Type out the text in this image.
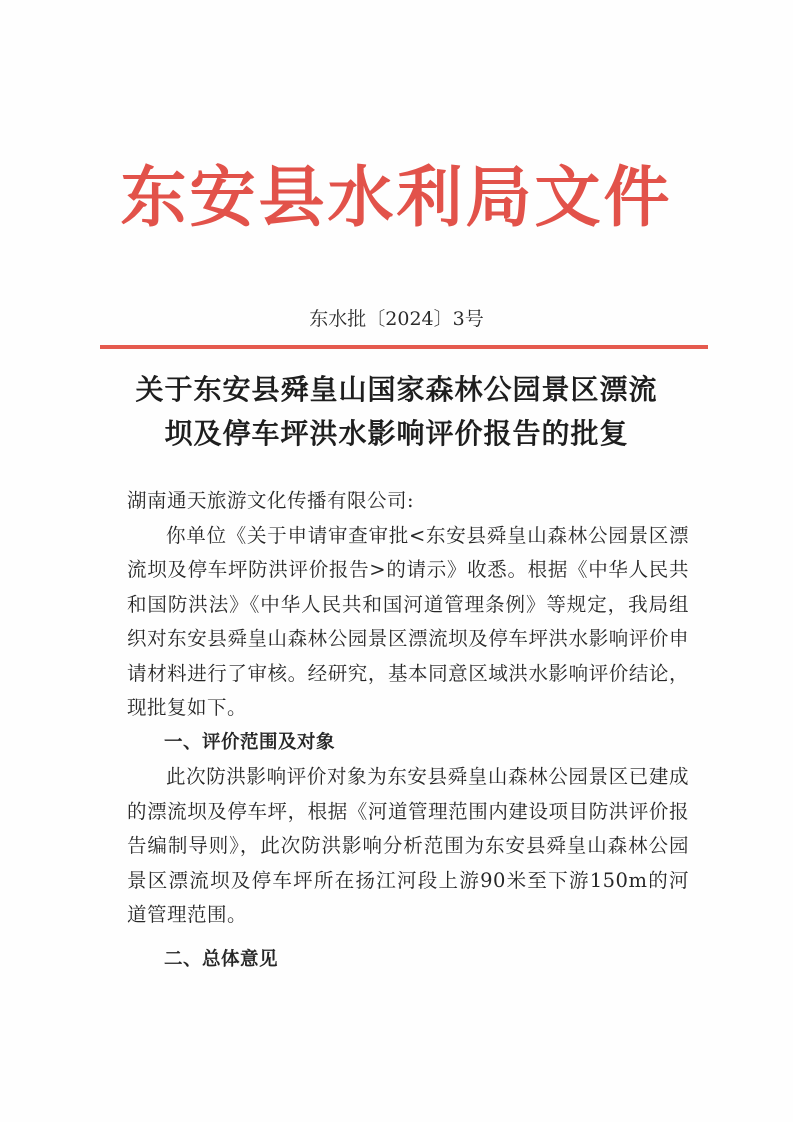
东安县水利局文件
东水批〔2024〕3号
关于东安县舜皇山国家森林公园景区漂流
坝及停车坪洪水影响评价报告的批复

湖南通天旅游文化传播有限公司:

你单位《关于申请审查审批<东安县舜皇山森林公园景区漂流坝及停车坪防洪评价报告>的请示》收悉。根据《中华人民共和国防洪法》《中华人民共和国河道管理条例》等规定，我局组织对东安县舜皇山森林公园景区漂流坝及停车坪洪水影响评价申请材料进行了审核。经研究，基本同意区域洪水影响评价结论，现批复如下。

一、评价范围及对象

此次防洪影响评价对象为东安县舜皇山森林公园景区已建成的漂流坝及停车坪，根据《河道管理范围内建设项目防洪评价报告编制导则》，此次防洪影响分析范围为东安县舜皇山森林公园景区漂流坝及停车坪所在扬江河段上游90米至下游150m的河道管理范围。

二、总体意见
